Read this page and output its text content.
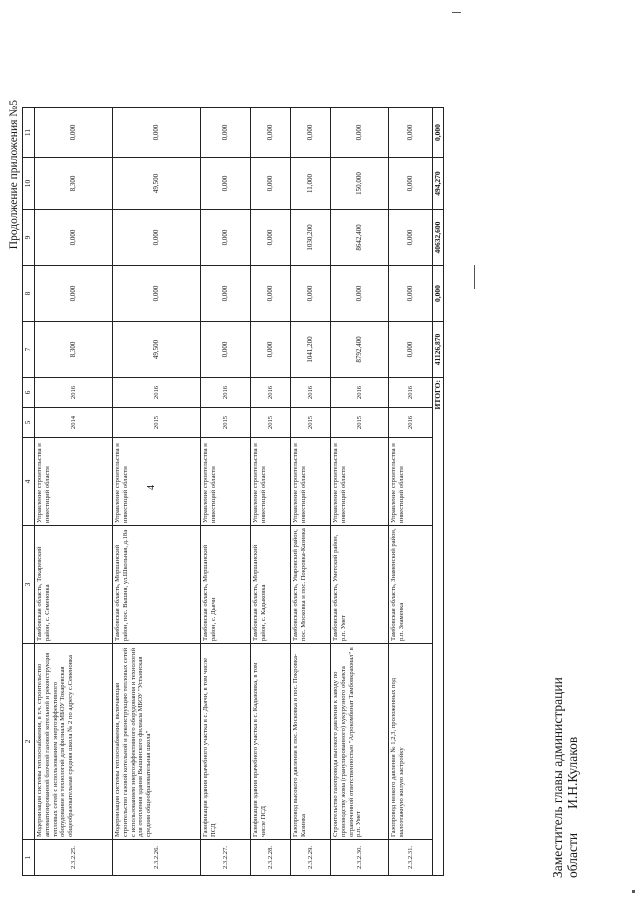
Продолжение приложения №5
4
1	2	3	4	5	6	7	8	9	10	11
2.3.2.25.	Модернизация системы теплоснабжения, в т.ч. строительство автоматизированной блочной газовой котельной и реконструкция тепловых сетей с использованием энергоэффективного оборудования и технологий для филиала МБОУ Токаревская общеобразовательная средняя школа № 2 по адресу с.Семеновка	Тамбовская область, Токаревский район, с. Семеновка	Управление строительства и инвестиций области	2014	2016	8,300	0,000	0,000	8,300	0,000
2.3.2.26.	Модернизация системы теплоснабжения, включающая строительство газовой котельной и реконструкцию тепловых сетей с использованием энергоэффективного оборудования и технологий для отопления здания Вышинского филиала МБОУ "Устьинская средняя общеобразовательная школа"	Тамбовская область, Моршанский район, пос. Вышня, ул.Школьная, д.18а	Управление строительства и инвестиций области	2015	2016	49,500	0,000	0,000	49,500	0,000
2.3.2.27.	Газификация здания врачебного участка в с. Дьячи, в том числе ПСД	Тамбовская область, Моршанский район, с. Дьячи	Управление строительства и инвестиций области	2015	2016	0,000	0,000	0,000	0,000	0,000
2.3.2.28.	Газификация здания врачебного участка в с. Кадыковка, в том числе ПСД	Тамбовская область, Моршанский район, с. Кадыковка	Управление строительства и инвестиций области	2015	2016	0,000	0,000	0,000	0,000	0,000
2.3.2.29.	Газопровод высокого давления к пос. Московка и пос. Покровка-Казинка	Тамбовская область, Уваровский район, пос. Московка и пос. Покровка-Казинка	Управление строительства и инвестиций области	2015	2016	1041,200	0,000	1030,200	11,000	0,000
2.3.2.30.	Строительство газопровода высокого давления к заводу по производству жома (гранулированного) кукурузного объекта ограниченной ответственностью "Агрокомбинат Тамбовкрахмал" в р.п. Умет	Тамбовская область, Уметский район, р.п. Умет	Управление строительства и инвестиций области	2015	2016	8792,400	0,000	8642,400	150,000	0,000
2.3.2.31.	Газопровод низкого давления № 1,2,3, проложенных под малоэтажную жилую застройку	Тамбовская область, Знаменский район, р.п. Знаменка	Управление строительства и инвестиций области	2016	2016	0,000	0,000	0,000	0,000	0,000
ИТОГО:						41126,870	0,000	40632,600	494,270	0,000
Заместитель главы администрации областиИ.Н.Кулаков
